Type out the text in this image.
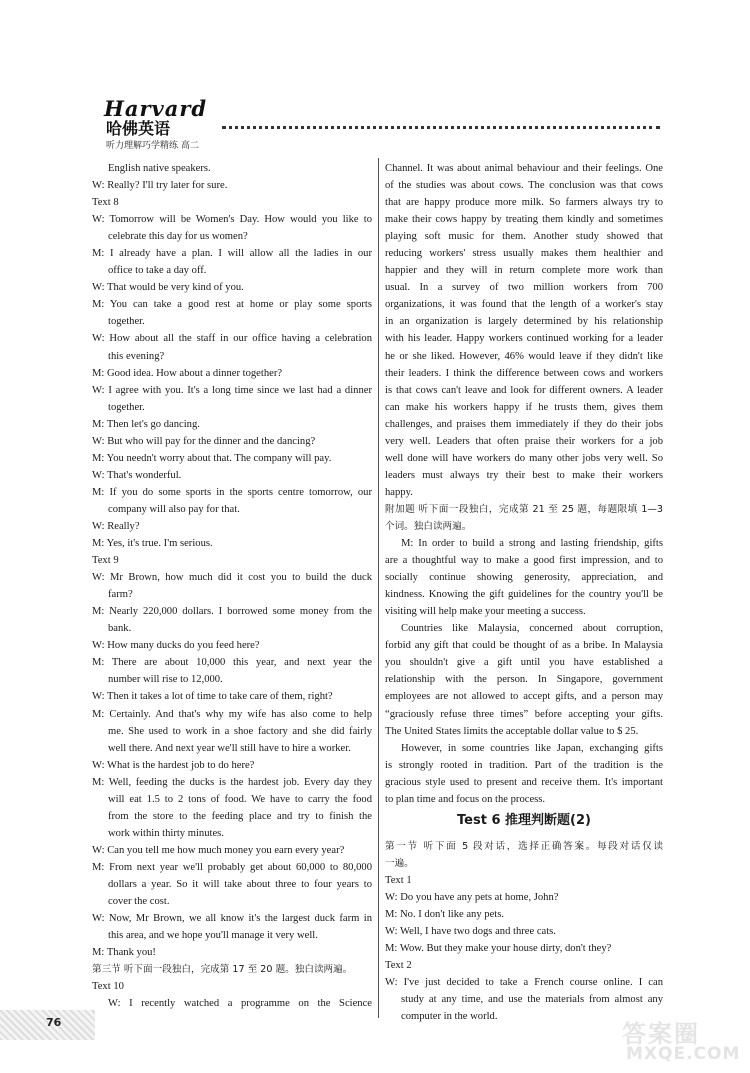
Harvard
哈佛英语
听力理解巧学精练 高二
English native speakers.
W: Really? I'll try later for sure.
Text 8
W: Tomorrow will be Women's Day. How would you like to
celebrate this day for us women?
M: I already have a plan. I will allow all the ladies in our
office to take a day off.
W: That would be very kind of you.
M: You can take a good rest at home or play some sports
together.
W: How about all the staff in our office having a celebration
this evening?
M: Good idea. How about a dinner together?
W: I agree with you. It's a long time since we last had a dinner
together.
M: Then let's go dancing.
W: But who will pay for the dinner and the dancing?
M: You needn't worry about that. The company will pay.
W: That's wonderful.
M: If you do some sports in the sports centre tomorrow, our
company will also pay for that.
W: Really?
M: Yes, it's true. I'm serious.
Text 9
W: Mr Brown, how much did it cost you to build the duck
farm?
M: Nearly 220,000 dollars. I borrowed some money from the
bank.
W: How many ducks do you feed here?
M: There are about 10,000 this year, and next year the
number will rise to 12,000.
W: Then it takes a lot of time to take care of them, right?
M: Certainly. And that's why my wife has also come to help
me. She used to work in a shoe factory and she did fairly
well there. And next year we'll still have to hire a worker.
W: What is the hardest job to do here?
M: Well, feeding the ducks is the hardest job. Every day they
will eat 1.5 to 2 tons of food. We have to carry the food
from the store to the feeding place and try to finish the
work within thirty minutes.
W: Can you tell me how much money you earn every year?
M: From next year we'll probably get about 60,000 to 80,000
dollars a year. So it will take about three to four years to
cover the cost.
W: Now, Mr Brown, we all know it's the largest duck farm in
this area, and we hope you'll manage it very well.
M: Thank you!
第三节 听下面一段独白，完成第 17 至 20 题。独白读两遍。
Text 10
W: I recently watched a programme on the Science
Channel. It was about animal behaviour and their feelings. One
of the studies was about cows. The conclusion was that cows
that are happy produce more milk. So farmers always try to
make their cows happy by treating them kindly and sometimes
playing soft music for them. Another study showed that
reducing workers' stress usually makes them healthier and
happier and they will in return complete more work than
usual. In a survey of two million workers from 700
organizations, it was found that the length of a worker's stay
in an organization is largely determined by his relationship
with his leader. Happy workers continued working for a leader
he or she liked. However, 46% would leave if they didn't like
their leaders. I think the difference between cows and workers
is that cows can't leave and look for different owners. A leader
can make his workers happy if he trusts them, gives them
challenges, and praises them immediately if they do their jobs
very well. Leaders that often praise their workers for a job
well done will have workers do many other jobs very well. So
leaders must always try their best to make their workers
happy.
附加题 听下面一段独白，完成第 21 至 25 题，每题限填 1—3
个词。独白读两遍。
M: In order to build a strong and lasting friendship, gifts
are a thoughtful way to make a good first impression, and to
socially continue showing generosity, appreciation, and
kindness. Knowing the gift guidelines for the country you'll be
visiting will help make your meeting a success.
Countries like Malaysia, concerned about corruption,
forbid any gift that could be thought of as a bribe. In Malaysia
you shouldn't give a gift until you have established a
relationship with the person. In Singapore, government
employees are not allowed to accept gifts, and a person may
“graciously refuse three times” before accepting your gifts.
The United States limits the acceptable dollar value to $ 25.
However, in some countries like Japan, exchanging gifts
is strongly rooted in tradition. Part of the tradition is the
gracious style used to present and receive them. It's important
to plan time and focus on the process.
Test 6 推理判断题(2)
第一节 听下面 5 段对话，选择正确答案。每段对话仅读
一遍。
Text 1
W: Do you have any pets at home, John?
M: No. I don't like any pets.
W: Well, I have two dogs and three cats.
M: Wow. But they make your house dirty, don't they?
Text 2
W: I've just decided to take a French course online. I can
study at any time, and use the materials from almost any
computer in the world.
76	答案圈
MXQE.COM
